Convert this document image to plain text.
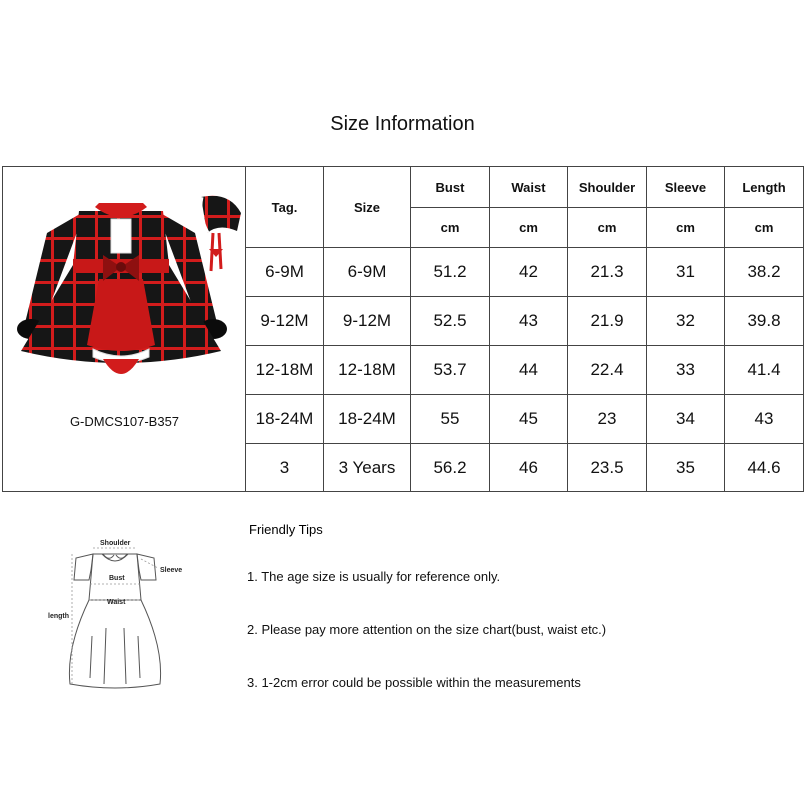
Size Information
G-DMCS107-B357	Tag.	Size	Bust	Waist	Shoulder	Sleeve	Length
			cm	cm	cm	cm	cm
	6-9M	6-9M	51.2	42	21.3	31	38.2
	9-12M	9-12M	52.5	43	21.9	32	39.8
	12-18M	12-18M	53.7	44	22.4	33	41.4
	18-24M	18-24M	55	45	23	34	43
	3	3 Years	56.2	46	23.5	35	44.6
Shoulder
Sleeve
Bust
Waist
length
Friendly Tips
1. The age size is usually for reference only.
2. Please pay more attention on the size chart(bust, waist etc.)
3. 1-2cm error could be possible within the measurements
